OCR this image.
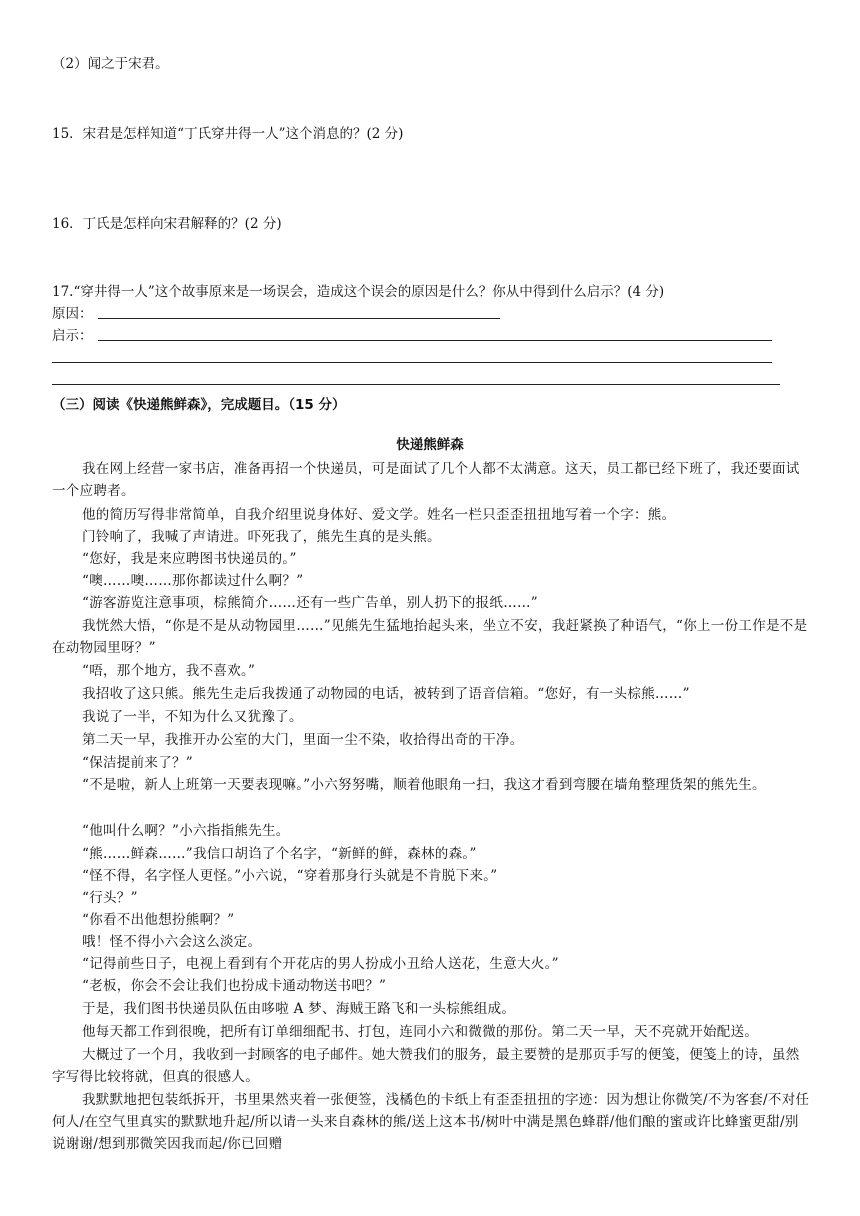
（2）闻之于宋君。
15．宋君是怎样知道“丁氏穿井得一人”这个消息的？(2 分)
16．丁氏是怎样向宋君解释的？(2 分)
17.“穿井得一人”这个故事原来是一场误会，造成这个误会的原因是什么？你从中得到什么启示？(4 分)
原因：
启示：
（三）阅读《快递熊鲜森》，完成题目。（15 分）
快递熊鲜森
我在网上经营一家书店，准备再招一个快递员，可是面试了几个人都不太满意。这天，员工都已经下班了，我还要面试一个应聘者。
他的简历写得非常简单，自我介绍里说身体好、爱文学。姓名一栏只歪歪扭扭地写着一个字：熊。
门铃响了，我喊了声请进。吓死我了，熊先生真的是头熊。
“您好，我是来应聘图书快递员的。”
“噢……噢……那你都读过什么啊？”
“游客游览注意事项，棕熊简介……还有一些广告单，别人扔下的报纸……”
我恍然大悟，“你是不是从动物园里……”见熊先生猛地抬起头来，坐立不安，我赶紧换了种语气，“你上一份工作是不是在动物园里呀？”
“唔，那个地方，我不喜欢。”
我招收了这只熊。熊先生走后我拨通了动物园的电话，被转到了语音信箱。“您好，有一头棕熊……”
我说了一半，不知为什么又犹豫了。
第二天一早，我推开办公室的大门，里面一尘不染，收拾得出奇的干净。
“保洁提前来了？”
“不是啦，新人上班第一天要表现嘛。”小六努努嘴，顺着他眼角一扫，我这才看到弯腰在墙角整理货架的熊先生。
“他叫什么啊？”小六指指熊先生。
“熊……鲜森……”我信口胡诌了个名字，“新鲜的鲜，森林的森。”
“怪不得，名字怪人更怪。”小六说，“穿着那身行头就是不肯脱下来。”
“行头？”
“你看不出他想扮熊啊？”
哦！怪不得小六会这么淡定。
“记得前些日子，电视上看到有个开花店的男人扮成小丑给人送花，生意大火。”
“老板，你会不会让我们也扮成卡通动物送书吧？”
于是，我们图书快递员队伍由哆啦 A 梦、海贼王路飞和一头棕熊组成。
他每天都工作到很晚，把所有订单细细配书、打包，连同小六和微微的那份。第二天一早，天不亮就开始配送。
大概过了一个月，我收到一封顾客的电子邮件。她大赞我们的服务，最主要赞的是那页手写的便笺，便笺上的诗，虽然字写得比较将就，但真的很感人。
我默默地把包装纸拆开，书里果然夹着一张便签，浅橘色的卡纸上有歪歪扭扭的字迹：因为想让你微笑/不为客套/不对任何人/在空气里真实的默默地升起/所以请一头来自森林的熊/送上这本书/树叶中满是黑色蜂群/他们酿的蜜或许比蜂蜜更甜/别说谢谢/想到那微笑因我而起/你已回赠
